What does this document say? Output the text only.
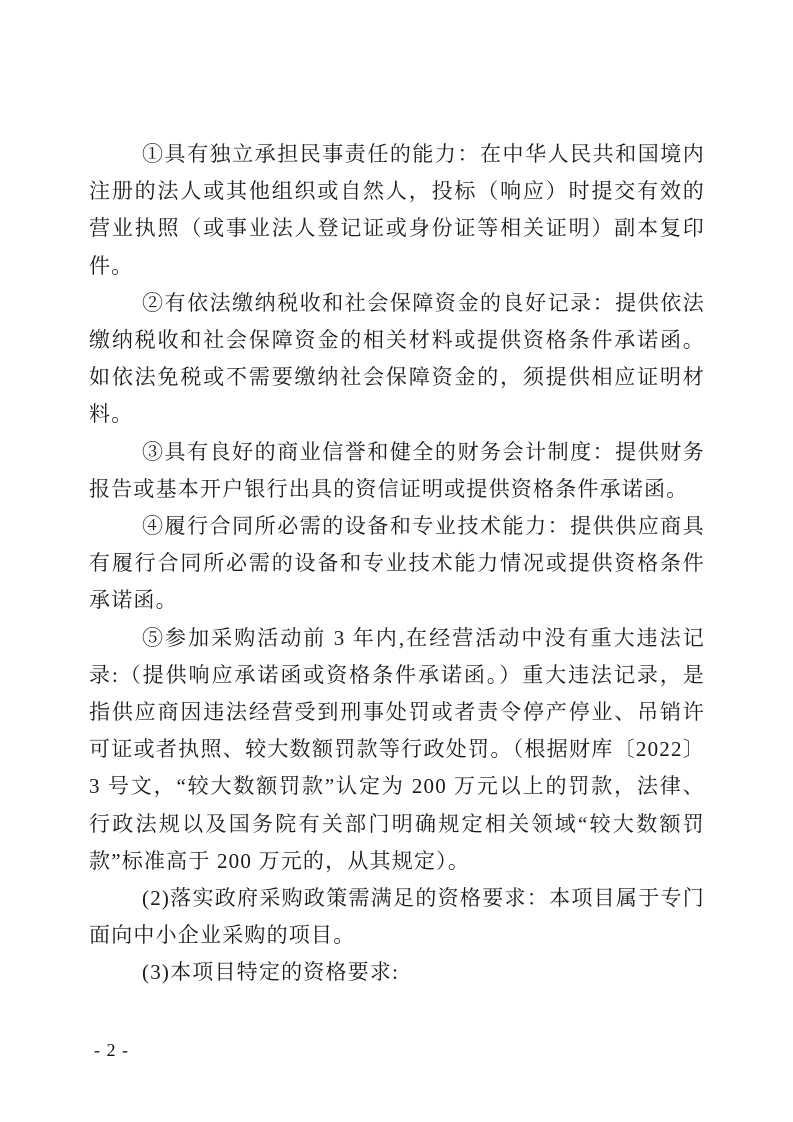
①具有独立承担民事责任的能力：在中华人民共和国境内注册的法人或其他组织或自然人，投标（响应）时提交有效的营业执照（或事业法人登记证或身份证等相关证明）副本复印件。

②有依法缴纳税收和社会保障资金的良好记录：提供依法缴纳税收和社会保障资金的相关材料或提供资格条件承诺函。如依法免税或不需要缴纳社会保障资金的，须提供相应证明材料。

③具有良好的商业信誉和健全的财务会计制度：提供财务报告或基本开户银行出具的资信证明或提供资格条件承诺函。

④履行合同所必需的设备和专业技术能力：提供供应商具有履行合同所必需的设备和专业技术能力情况或提供资格条件承诺函。

⑤参加采购活动前 3 年内,在经营活动中没有重大违法记录:（提供响应承诺函或资格条件承诺函。）重大违法记录，是指供应商因违法经营受到刑事处罚或者责令停产停业、吊销许可证或者执照、较大数额罚款等行政处罚。（根据财库〔2022〕3 号文，“较大数额罚款”认定为 200 万元以上的罚款，法律、行政法规以及国务院有关部门明确规定相关领域“较大数额罚款”标准高于 200 万元的，从其规定）。

(2)落实政府采购政策需满足的资格要求：本项目属于专门面向中小企业采购的项目。

(3)本项目特定的资格要求:

- 2 -
